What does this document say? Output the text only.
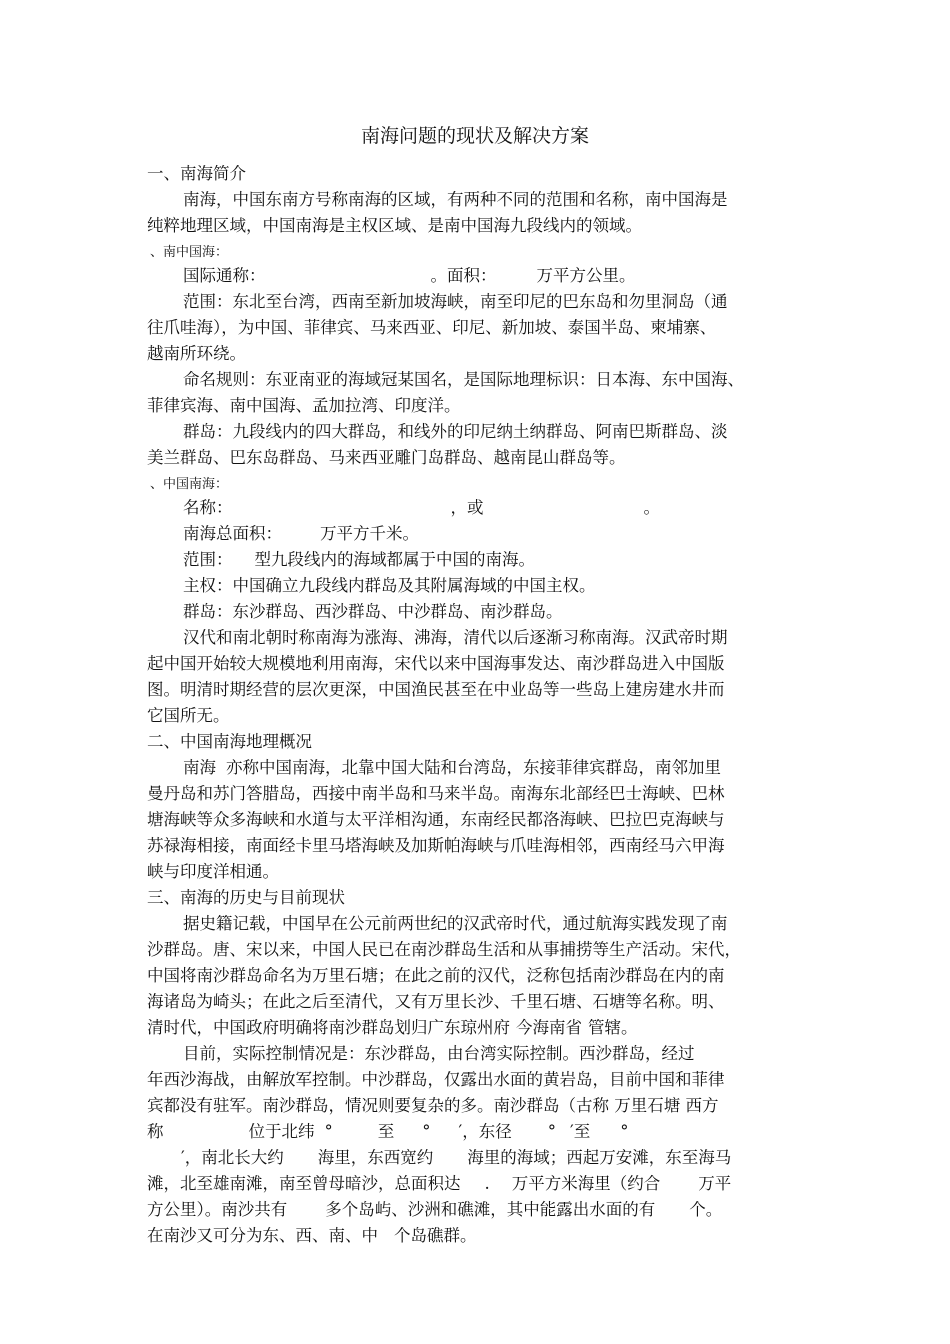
南海问题的现状及解决方案
一、南海简介
南海，中国东南方号称南海的区域，有两种不同的范围和名称，南中国海是
纯粹地理区域，中国南海是主权区域、是南中国海九段线内的领域。
、南中国海：
国际通称：	。面积： 万平方公里。
范围：东北至台湾，西南至新加坡海峡，南至印尼的巴东岛和勿里洞岛（通
往爪哇海），为中国、菲律宾、马来西亚、印尼、新加坡、泰国半岛、柬埔寨、
越南所环绕。
命名规则：东亚南亚的海域冠某国名，是国际地理标识：日本海、东中国海、
菲律宾海、南中国海、孟加拉湾、印度洋。
群岛：九段线内的四大群岛，和线外的印尼纳土纳群岛、阿南巴斯群岛、淡
美兰群岛、巴东岛群岛、马来西亚雕门岛群岛、越南昆山群岛等。
、中国南海：
名称：	，或	。
南海总面积： 万平方千米。
范围： 型九段线内的海域都属于中国的南海。
主权：中国确立九段线内群岛及其附属海域的中国主权。
群岛：东沙群岛、西沙群岛、中沙群岛、南沙群岛。
汉代和南北朝时称南海为涨海、沸海，清代以后逐渐习称南海。汉武帝时期
起中国开始较大规模地利用南海，宋代以来中国海事发达、南沙群岛进入中国版
图。明清时期经营的层次更深，中国渔民甚至在中业岛等一些岛上建房建水井而
它国所无。
二、中国南海地理概况
南海 亦称中国南海，北靠中国大陆和台湾岛，东接菲律宾群岛，南邻加里
曼丹岛和苏门答腊岛，西接中南半岛和马来半岛。南海东北部经巴士海峡、巴林
塘海峡等众多海峡和水道与太平洋相沟通，东南经民都洛海峡、巴拉巴克海峡与
苏禄海相接，南面经卡里马塔海峡及加斯帕海峡与爪哇海相邻，西南经马六甲海
峡与印度洋相通。
三、南海的历史与目前现状
据史籍记载，中国早在公元前两世纪的汉武帝时代，通过航海实践发现了南
沙群岛。唐、宋以来，中国人民已在南沙群岛生活和从事捕捞等生产活动。宋代，
中国将南沙群岛命名为万里石塘；在此之前的汉代，泛称包括南沙群岛在内的南
海诸岛为崎头；在此之后至清代，又有万里长沙、千里石塘、石塘等名称。明、
清时代，中国政府明确将南沙群岛划归广东琼州府 今海南省 管辖。
目前，实际控制情况是：东沙群岛，由台湾实际控制。西沙群岛，经过
年西沙海战，由解放军控制。中沙群岛，仅露出水面的黄岩岛，目前中国和菲律
宾都没有驻军。南沙群岛，情况则要复杂的多。南沙群岛（古称 万里石塘 西方
称	位于北纬 °	至 ° ′，东径 ° ′至 °
′，南北长大约 海里，东西宽约 海里的海域；西起万安滩，东至海马
滩，北至雄南滩，南至曾母暗沙，总面积达 . 万平方米海里（约合 万平
方公里）。南沙共有 多个岛屿、沙洲和礁滩，其中能露出水面的有 个。
在南沙又可分为东、西、南、中 个岛礁群。
